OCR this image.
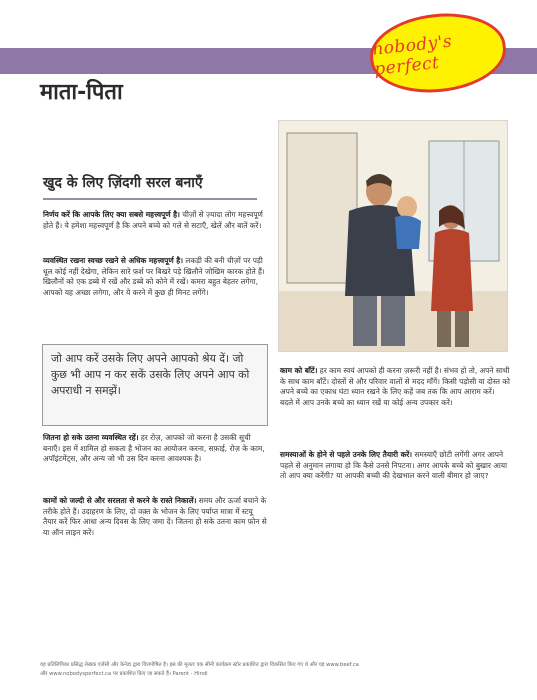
nobody's perfect
माता-पिता
खुद के लिए ज़िंदगी सरल बनाएँ
निर्णय करें कि आपके लिए क्या सबसे महत्त्वपूर्ण है। चीज़ों से ज़्यादा लोग महत्त्वपूर्ण होते हैं। ये हमेशा महत्त्वपूर्ण है कि अपने बच्चे को गले से सटाएँ, खेलें और बातें करें।
व्यवस्थित रखना स्वच्छ रखने से अधिक महत्त्वपूर्ण है। लकड़ी की बनी चीज़ों पर पड़ी धूल कोई नहीं देखेगा, लेकिन सारे फ़र्श पर बिखरे पड़े खिलौने जोखिम कारक होते हैं। खिलौनों को एक डब्बे में रखें और डब्बे को कोने में रखें। कमरा बहुत बेहतर लगेगा, आपको यह अच्छा लगेगा, और ये करने में कुछ ही मिनट लगेंगे।
जो आप करें उसके लिए अपने आपको श्रेय दें। जो कुछ भी आप न कर सकें उसके लिए अपने आप को अपराधी न समझें।
जितना हो सके उतना व्यवस्थित रहें। हर रोज़, आपको जो करना है उसकी सूची बनाएँ। इस में शामिल हो सकता है भोजन का आयोजन करना, सफ़ाई, रोज़ के काम, अपॉइंटमेंट्स, और अन्य जो भी उस दिन करना आवश्यक है।
कामों को जल्दी से और सरलता से करने के रास्ते निकालें। समय और ऊर्जा बचाने के तरीके होते हैं। उदाहरण के लिए, दो वक़्त के भोजन के लिए पर्याप्त मात्रा में स्टयू तैयार करें फिर आधा अन्य दिवस के लिए जमा दें। जितना हो सके उतना काम फ़ोन से या ऑन लाइन करें।
काम को बाँटें। हर काम स्वयं आपको ही करना ज़रूरी नहीं है। संभव हो तो, अपने साथी के साथ काम बाँटें। दोस्तों से और परिवार वालों से मदद माँगें। किसी पड़ोसी या दोस्त को अपने बच्चे का एकाध घंटा ध्यान रखने के लिए कहें जब तक कि आप आराम करें। बदले में आप उनके बच्चे का ध्यान रखें या कोई अन्य उपकार करें।
समस्याओं के होने से पहले उनके लिए तैयारी करें। समस्याएँ छोटी लगेंगी अगर आपने पहले से अनुमान लगाया हो कि कैसे उनसे निपटना। अगर आपके बच्चे को बुखार आया तो आप क्या करेंगी? या आपकी बच्ची की देखभाल करने वाली बीमार हो जाए?
यह प्रतिलिपिका प्रसिद्ध लेखक एजेंसी और केनेडा द्वारा वित्तपोषित है। इस की मूलतः एक सीनी कार्यक्रम स्टोर प्रकाशित द्वारा विकसित किए गए थे और यह www.beef.ca
और www.nobodysperfect.ca पर प्रकाशित किए जा सकते हैं। Parent - Hindi
